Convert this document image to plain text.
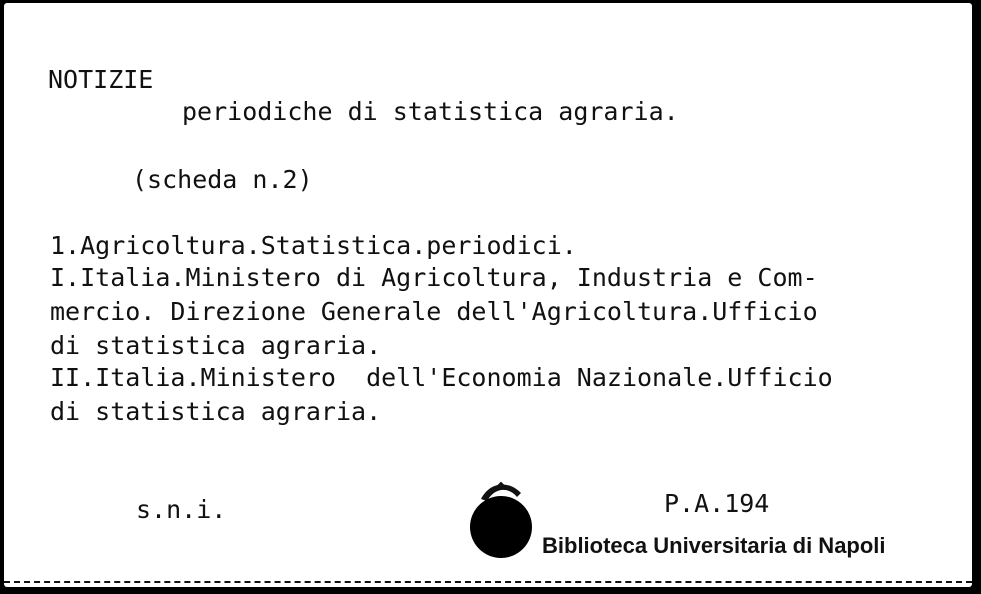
NOTIZIE
periodiche di statistica agraria.
(scheda n.2)
1.Agricoltura.Statistica.periodici.
I.Italia.Ministero di Agricoltura, Industria e Com-
mercio. Direzione Generale dell'Agricoltura.Ufficio
di statistica agraria.
II.Italia.Ministero  dell'Economia Nazionale.Ufficio
di statistica agraria.
s.n.i.	P.A.194
Biblioteca Universitaria di Napoli
